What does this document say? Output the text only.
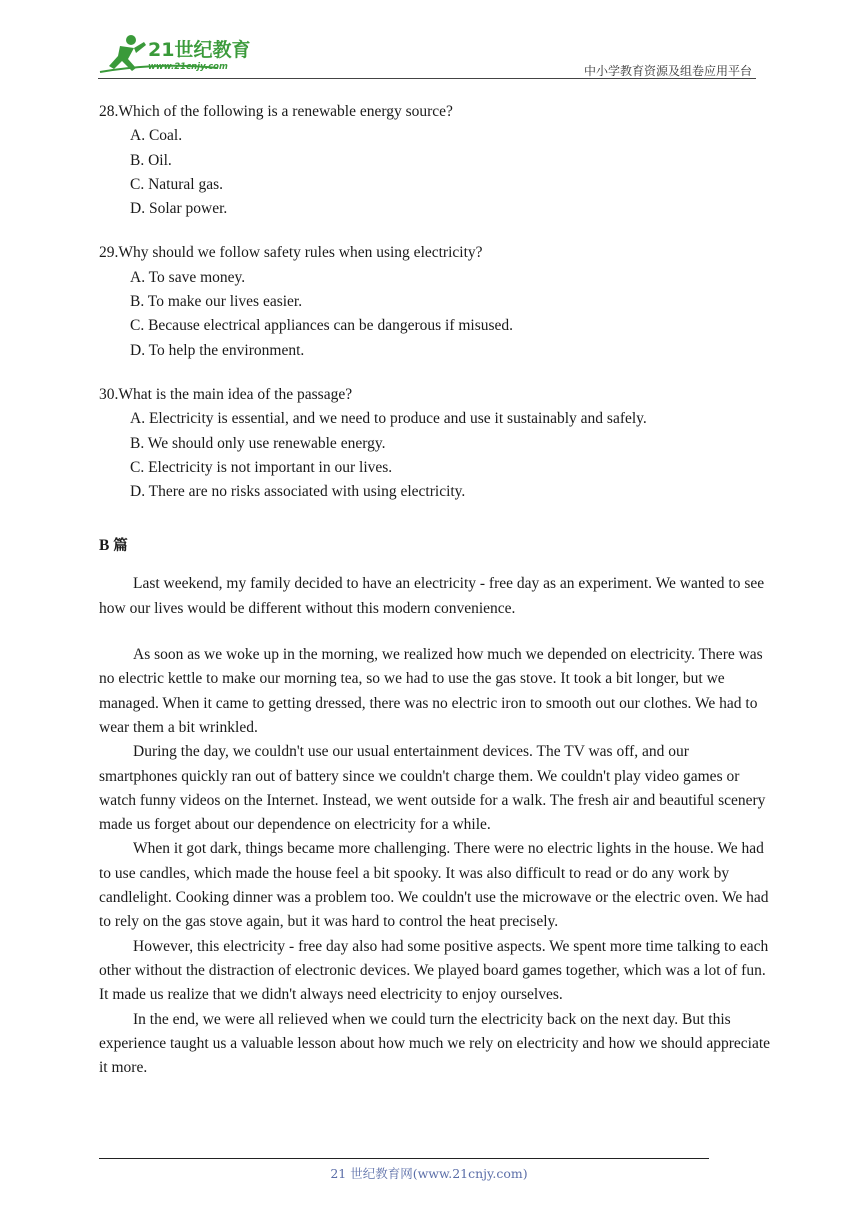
21世纪教育
www.21cnjy.com	中小学教育资源及组卷应用平台

28.Which of the following is a renewable energy source?

A. Coal.

B. Oil.

C. Natural gas.

D. Solar power.

29.Why should we follow safety rules when using electricity?

A. To save money.

B. To make our lives easier.

C. Because electrical appliances can be dangerous if misused.

D. To help the environment.

30.What is the main idea of the passage?

A. Electricity is essential, and we need to produce and use it sustainably and safely.

B. We should only use renewable energy.

C. Electricity is not important in our lives.

D. There are no risks associated with using electricity.

B 篇

Last weekend, my family decided to have an electricity - free day as an experiment. We wanted to see how our lives would be different without this modern convenience.

As soon as we woke up in the morning, we realized how much we depended on electricity. There was no electric kettle to make our morning tea, so we had to use the gas stove. It took a bit longer, but we managed. When it came to getting dressed, there was no electric iron to smooth out our clothes. We had to wear them a bit wrinkled.

During the day, we couldn't use our usual entertainment devices. The TV was off, and our smartphones quickly ran out of battery since we couldn't charge them. We couldn't play video games or watch funny videos on the Internet. Instead, we went outside for a walk. The fresh air and beautiful scenery made us forget about our dependence on electricity for a while.

When it got dark, things became more challenging. There were no electric lights in the house. We had to use candles, which made the house feel a bit spooky. It was also difficult to read or do any work by candlelight. Cooking dinner was a problem too. We couldn't use the microwave or the electric oven. We had to rely on the gas stove again, but it was hard to control the heat precisely.

However, this electricity - free day also had some positive aspects. We spent more time talking to each other without the distraction of electronic devices. We played board games together, which was a lot of fun. It made us realize that we didn't always need electricity to enjoy ourselves.

In the end, we were all relieved when we could turn the electricity back on the next day. But this experience taught us a valuable lesson about how much we rely on electricity and how we should appreciate it more.

21 世纪教育网(www.21cnjy.com)
